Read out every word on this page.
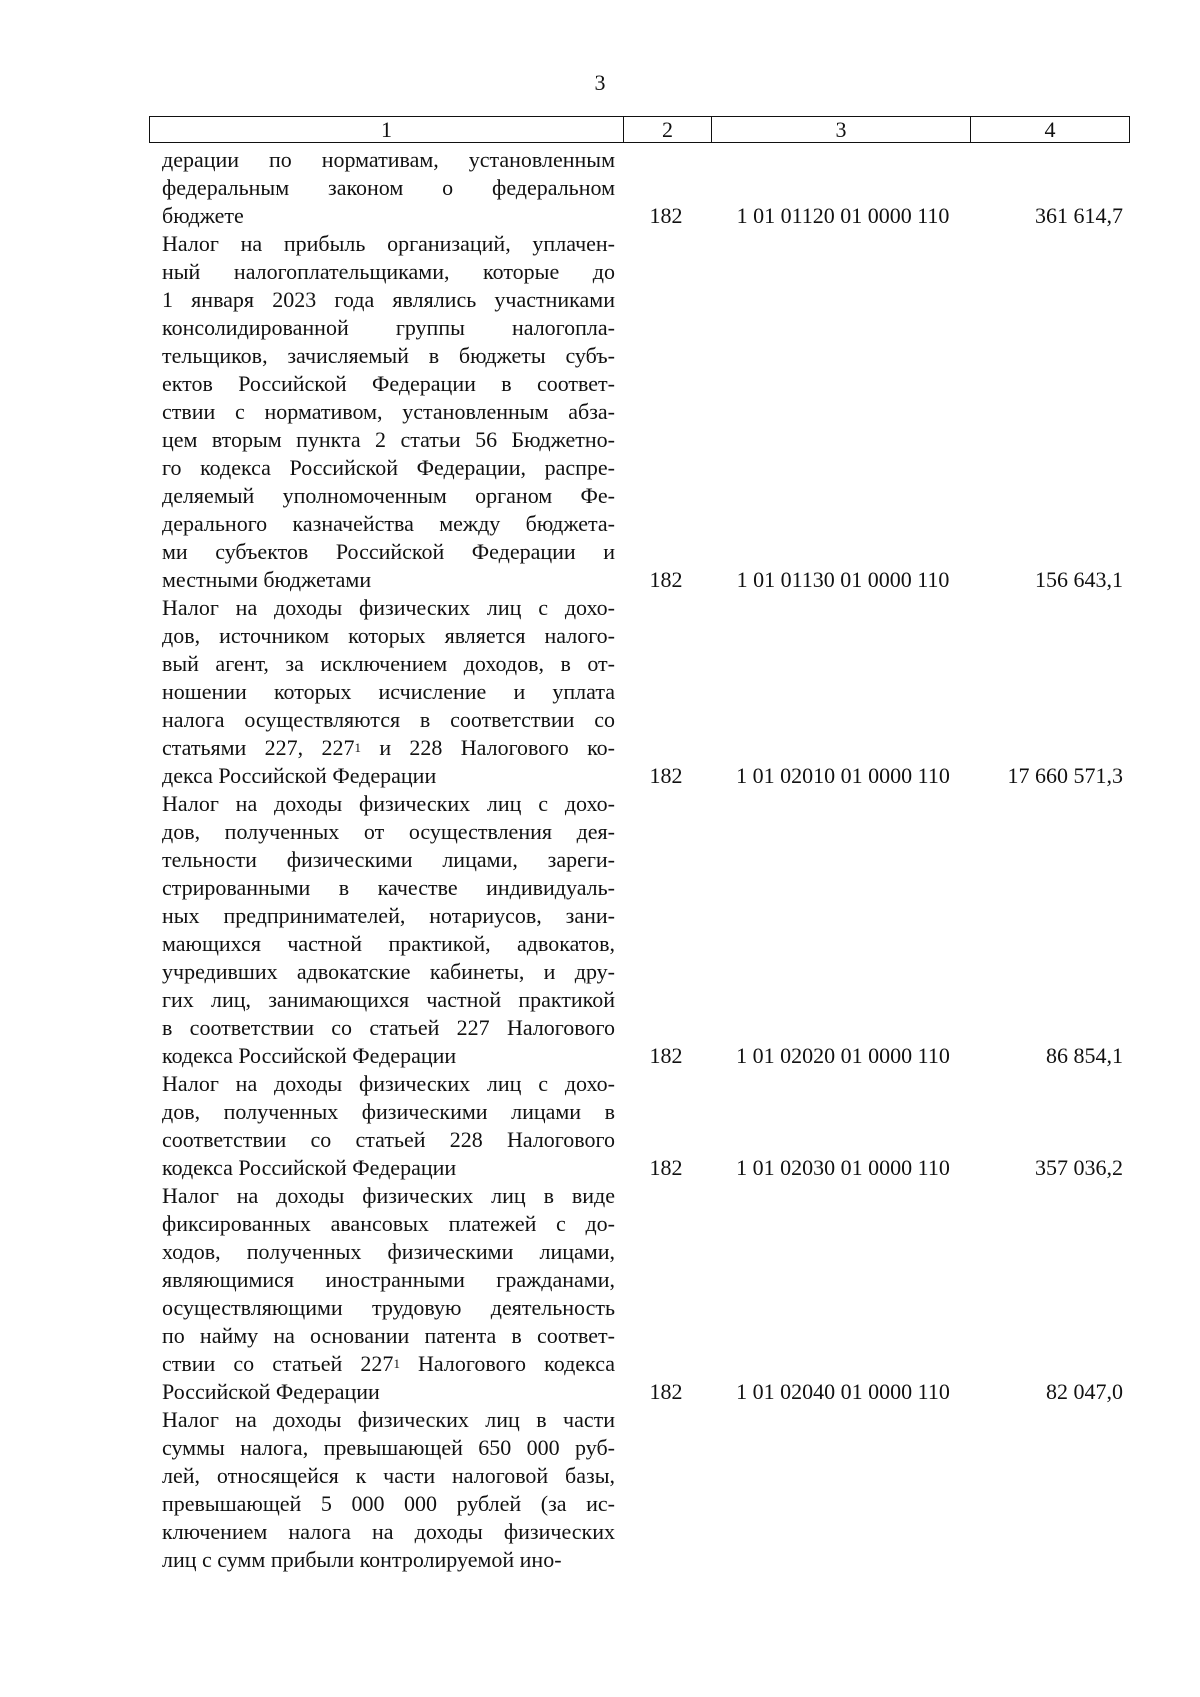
3
1	2	3	4
дерации по нормативам, установленным
федеральным законом о федеральном
бюджете	182	1 01 01120 01 0000 110	361 614,7
Налог на прибыль организаций, уплачен-
ный налогоплательщиками, которые до
1 января 2023 года являлись участниками
консолидированной группы налогопла-
тельщиков, зачисляемый в бюджеты субъ-
ектов Российской Федерации в соответ-
ствии с нормативом, установленным абза-
цем вторым пункта 2 статьи 56 Бюджетно-
го кодекса Российской Федерации, распре-
деляемый уполномоченным органом Фе-
дерального казначейства между бюджета-
ми субъектов Российской Федерации и
местными бюджетами	182	1 01 01130 01 0000 110	156 643,1
Налог на доходы физических лиц с дохо-
дов, источником которых является налого-
вый агент, за исключением доходов, в от-
ношении которых исчисление и уплата
налога осуществляются в соответствии со
статьями 227, $227^1$ и 228 Налогового ко-
декса Российской Федерации	182	1 01 02010 01 0000 110	17 660 571,3
Налог на доходы физических лиц с дохо-
дов, полученных от осуществления дея-
тельности физическими лицами, зареги-
стрированными в качестве индивидуаль-
ных предпринимателей, нотариусов, зани-
мающихся частной практикой, адвокатов,
учредивших адвокатские кабинеты, и дру-
гих лиц, занимающихся частной практикой
в соответствии со статьей 227 Налогового
кодекса Российской Федерации	182	1 01 02020 01 0000 110	86 854,1
Налог на доходы физических лиц с дохо-
дов, полученных физическими лицами в
соответствии со статьей 228 Налогового
кодекса Российской Федерации	182	1 01 02030 01 0000 110	357 036,2
Налог на доходы физических лиц в виде
фиксированных авансовых платежей с до-
ходов, полученных физическими лицами,
являющимися иностранными гражданами,
осуществляющими трудовую деятельность
по найму на основании патента в соответ-
ствии со статьей $227^1$ Налогового кодекса
Российской Федерации	182	1 01 02040 01 0000 110	82 047,0
Налог на доходы физических лиц в части
суммы налога, превышающей 650 000 руб-
лей, относящейся к части налоговой базы,
превышающей 5 000 000 рублей (за ис-
ключением налога на доходы физических
лиц с сумм прибыли контролируемой ино-
